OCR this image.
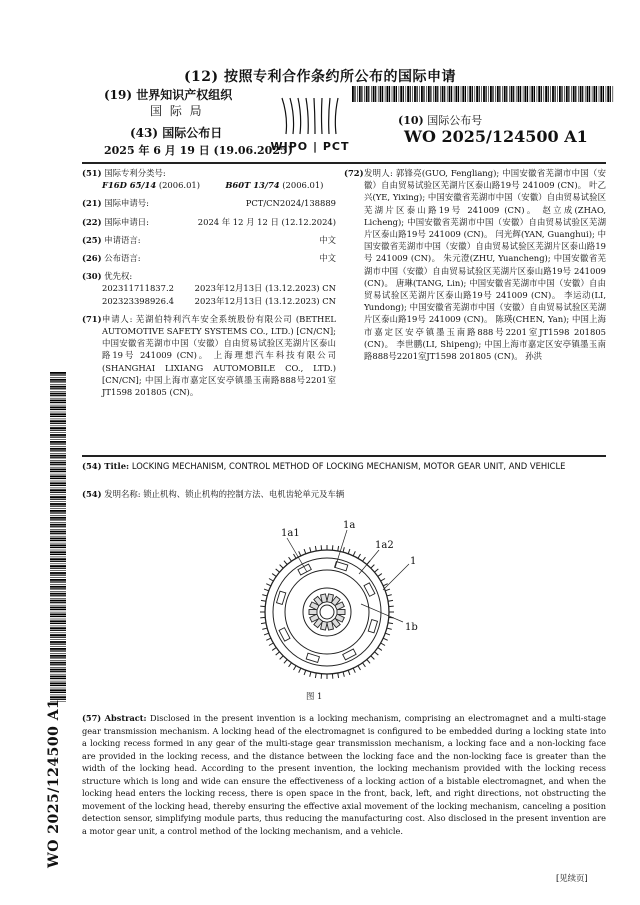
(12) 按照专利合作条约所公布的国际申请
(19) 世界知识产权组织
国 际 局
(43) 国际公布日
2025 年 6 月 19 日 (19.06.2025)
WIPO | PCT
(10) 国际公布号
WO 2025/124500 A1
(51) 国际专利分类号:
F16D 65/14 (2006.01)	B60T 13/74 (2006.01)
(21) 国际申请号:	PCT/CN2024/138889
(22) 国际申请日:	2024 年 12 月 12 日 (12.12.2024)
(25) 申请语言:	中文
(26) 公布语言:	中文
(30) 优先权:
202311711837.2 2023年12月13日 (13.12.2023) CN
202323398926.4 2023年12月13日 (13.12.2023) CN
(71) 申请人: 芜湖伯特利汽车安全系统股份有限公司 (BETHEL AUTOMOTIVE SAFETY SYSTEMS CO., LTD.) [CN/CN]; 中国安徽省芜湖市中国（安徽）自由贸易试验区芜湖片区泰山路19号 241009 (CN)。 上海理想汽车科技有限公司(SHANGHAI LIXIANG AUTOMOBILE CO., LTD.) [CN/CN]; 中国上海市嘉定区安亭镇墨玉南路888号2201室JT1598 201805 (CN)。
(72) 发明人: 郭锋亮(GUO, Fengliang); 中国安徽省芜湖市中国（安徽）自由贸易试验区芜湖片区泰山路19号 241009 (CN)。 叶乙兴(YE, Yixing); 中国安徽省芜湖市中国（安徽）自由贸易试验区芜湖片区泰山路19号 241009 (CN)。 赵立成(ZHAO, Licheng); 中国安徽省芜湖市中国（安徽）自由贸易试验区芜湖片区泰山路19号 241009 (CN)。 闫光辉(YAN, Guanghui); 中国安徽省芜湖市中国（安徽）自由贸易试验区芜湖片区泰山路19号 241009 (CN)。 朱元澄(ZHU, Yuancheng); 中国安徽省芜湖市中国（安徽）自由贸易试验区芜湖片区泰山路19号 241009 (CN)。 唐琳(TANG, Lin); 中国安徽省芜湖市中国（安徽）自由贸易试验区芜湖片区泰山路19号 241009 (CN)。 李运动(LI, Yundong); 中国安徽省芜湖市中国（安徽）自由贸易试验区芜湖片区泰山路19号 241009 (CN)。 陈瑛(CHEN, Yan); 中国上海市嘉定区安亭镇墨玉南路888号2201室JT1598 201805 (CN)。 李世鹏(LI, Shipeng); 中国上海市嘉定区安亭镇墨玉南路888号2201室JT1598 201805 (CN)。 孙洪
(54) Title: LOCKING MECHANISM, CONTROL METHOD OF LOCKING MECHANISM, MOTOR GEAR UNIT, AND VEHICLE
(54) 发明名称: 锁止机构、锁止机构的控制方法、电机齿轮单元及车辆
1a1
1a
1a2
1
1b
图 1
(57) Abstract: Disclosed in the present invention is a locking mechanism, comprising an electromagnet and a multi-stage gear transmission mechanism. A locking head of the electromagnet is configured to be embedded during a locking state into a locking recess formed in any gear of the multi-stage gear transmission mechanism, a locking face and a non-locking face are provided in the locking recess, and the distance between the locking face and the non-locking face is greater than the width of the locking head. According to the present invention, the locking mechanism provided with the locking recess structure which is long and wide can ensure the effectiveness of a locking action of a bistable electromagnet, and when the locking head enters the locking recess, there is open space in the front, back, left, and right directions, not obstructing the movement of the locking head, thereby ensuring the effective axial movement of the locking mechanism, canceling a position detection sensor, simplifying module parts, thus reducing the manufacturing cost. Also disclosed in the present invention are a motor gear unit, a control method of the locking mechanism, and a vehicle.
WO 2025/124500 A1
[见续页]
